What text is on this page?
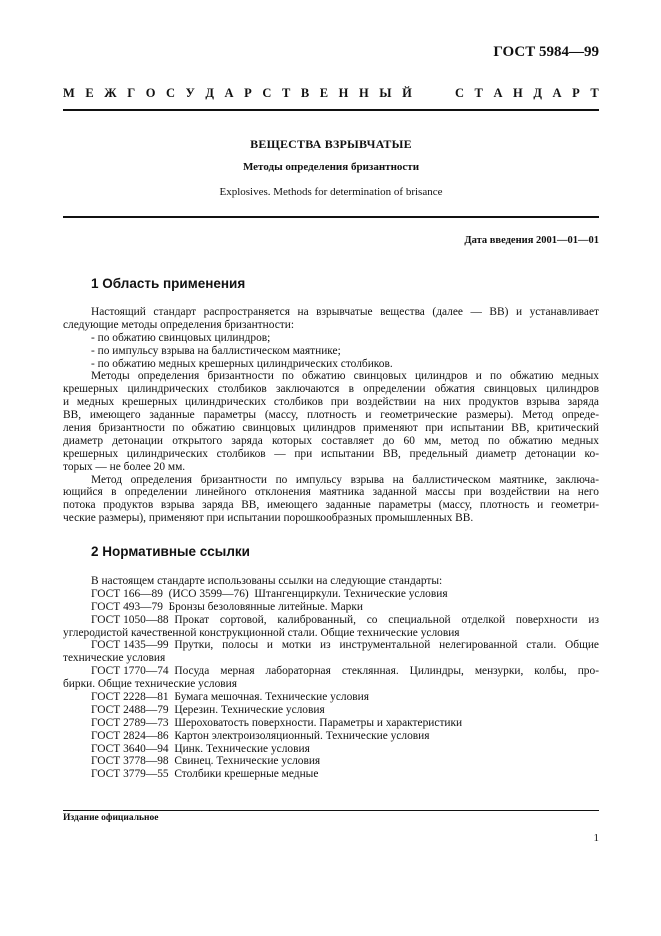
ГОСТ 5984—99
М Е Ж Г О С У Д А Р С Т В Е Н Н Ы Й	С Т А Н Д А Р Т
ВЕЩЕСТВА ВЗРЫВЧАТЫЕ
Методы определения бризантности
Explosives. Methods for determination of brisance
Дата введения 2001—01—01
1 Область применения
Настоящий стандарт распространяется на взрывчатые вещества (далее — ВВ) и устанавливает
следующие методы определения бризантности:
- по обжатию свинцовых цилиндров;
- по импульсу взрыва на баллистическом маятнике;
- по обжатию медных крешерных цилиндрических столбиков.
Методы определения бризантности по обжатию свинцовых цилиндров и по обжатию медных
крешерных цилиндрических столбиков заключаются в определении обжатия свинцовых цилиндров
и медных крешерных цилиндрических столбиков при воздействии на них продуктов взрыва заряда
ВВ, имеющего заданные параметры (массу, плотность и геометрические размеры). Метод опреде-
ления бризантности по обжатию свинцовых цилиндров применяют при испытании ВВ, критический
диаметр детонации открытого заряда которых составляет до 60 мм, метод по обжатию медных
крешерных цилиндрических столбиков — при испытании ВВ, предельный диаметр детонации ко-
торых — не более 20 мм.
Метод определения бризантности по импульсу взрыва на баллистическом маятнике, заключа-
ющийся в определении линейного отклонения маятника заданной массы при воздействии на него
потока продуктов взрыва заряда ВВ, имеющего заданные параметры (массу, плотность и геометри-
ческие размеры), применяют при испытании порошкообразных промышленных ВВ.
2 Нормативные ссылки
В настоящем стандарте использованы ссылки на следующие стандарты:
ГОСТ 166—89  (ИСО 3599—76)
Штангенциркули. Технические условия
ГОСТ 493—79
Бронзы безоловянные литейные. Марки
ГОСТ 1050—88
Прокат сортовой, калиброванный, со специальной отделкой поверхности из
углеродистой качественной конструкционной стали. Общие технические условия
ГОСТ 1435—99
Прутки, полосы и мотки из инструментальной нелегированной стали. Общие
технические условия
ГОСТ 1770—74
Посуда мерная лабораторная стеклянная. Цилиндры, мензурки, колбы, про-
бирки. Общие технические условия
ГОСТ 2228—81
Бумага мешочная. Технические условия
ГОСТ 2488—79
Церезин. Технические условия
ГОСТ 2789—73
Шероховатость поверхности. Параметры и характеристики
ГОСТ 2824—86
Картон электроизоляционный. Технические условия
ГОСТ 3640—94
Цинк. Технические условия
ГОСТ 3778—98
Свинец. Технические условия
ГОСТ 3779—55
Столбики крешерные медные
Издание официальное
1
